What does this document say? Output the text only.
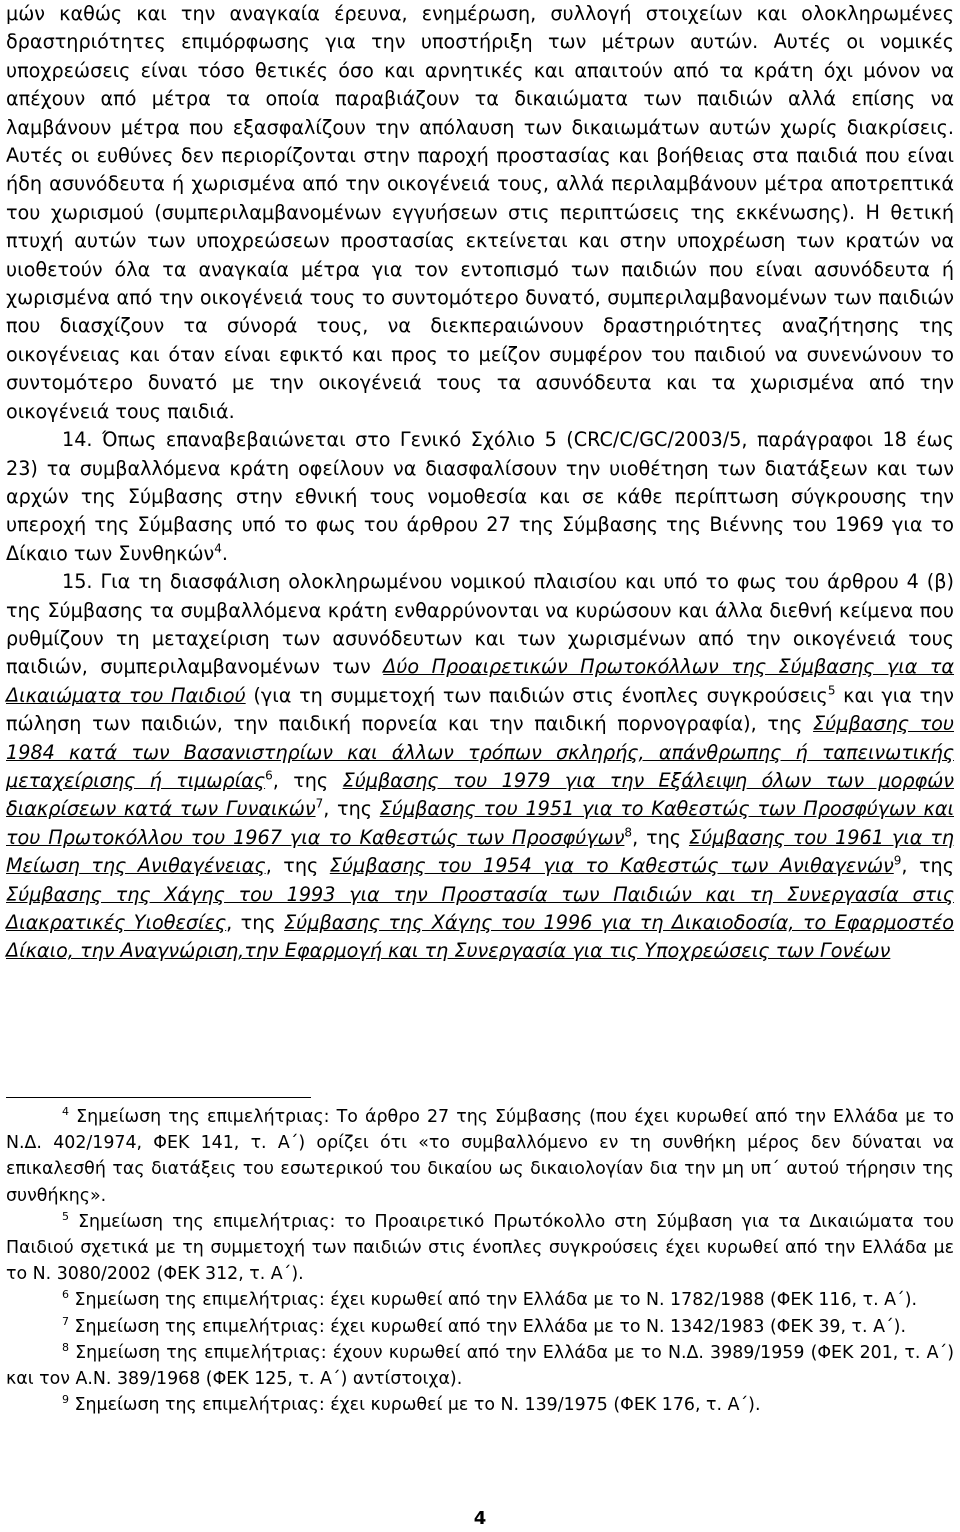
μών καθώς και την αναγκαία έρευνα, ενημέρωση, συλλογή στοιχείων και ολοκληρωμένες δραστηριότητες επιμόρφωσης για την υποστήριξη των μέτρων αυτών. Αυτές οι νομικές υποχρεώσεις είναι τόσο θετικές όσο και αρνητικές και απαιτούν από τα κράτη όχι μόνον να απέχουν από μέτρα τα οποία παραβιάζουν τα δικαιώματα των παιδιών αλλά επίσης να λαμβάνουν μέτρα που εξασφαλίζουν την απόλαυση των δικαιωμάτων αυτών χωρίς διακρίσεις. Αυτές οι ευθύνες δεν περιορίζονται στην παροχή προστασίας και βοήθειας στα παιδιά που είναι ήδη ασυνόδευτα ή χωρισμένα από την οικογένειά τους, αλλά περιλαμβάνουν μέτρα αποτρεπτικά του χωρισμού (συμπεριλαμβανομένων εγγυήσεων στις περιπτώσεις της εκκένωσης). Η θετική πτυχή αυτών των υποχρεώσεων προστασίας εκτείνεται και στην υποχρέωση των κρατών να υιοθετούν όλα τα αναγκαία μέτρα για τον εντοπισμό των παιδιών που είναι ασυνόδευτα ή χωρισμένα από την οικογένειά τους το συντομότερο δυνατό, συμπεριλαμβανομένων των παιδιών που διασχίζουν τα σύνορά τους, να διεκπεραιώνουν δραστηριότητες αναζήτησης της οικογένειας και όταν είναι εφικτό και προς το μείζον συμφέρον του παιδιού να συνενώνουν το συντομότερο δυνατό με την οικογένειά τους τα ασυνόδευτα και τα χωρισμένα από την οικογένειά τους παιδιά.

14. Όπως επαναβεβαιώνεται στο Γενικό Σχόλιο 5 (CRC/C/GC/2003/5, παράγραφοι 18 έως 23) τα συμβαλλόμενα κράτη οφείλουν να διασφαλίσουν την υιοθέτηση των διατάξεων και των αρχών της Σύμβασης στην εθνική τους νομοθεσία και σε κάθε περίπτωση σύγκρουσης την υπεροχή της Σύμβασης υπό το φως του άρθρου 27 της Σύμβασης της Βιέννης του 1969 για το Δίκαιο των Συνθηκών$^4$.

15. Για τη διασφάλιση ολοκληρωμένου νομικού πλαισίου και υπό το φως του άρθρου 4 (β) της Σύμβασης τα συμβαλλόμενα κράτη ενθαρρύνονται να κυρώσουν και άλλα διεθνή κείμενα που ρυθμίζουν τη μεταχείριση των ασυνόδευτων και των χωρισμένων από την οικογένειά τους παιδιών, συμπεριλαμβανομένων των Δύο Προαιρετικών Πρωτοκόλλων της Σύμβασης για τα Δικαιώματα του Παιδιού (για τη συμμετοχή των παιδιών στις ένοπλες συγκρούσεις$^5$ και για την πώληση των παιδιών, την παιδική πορνεία και την παιδική πορνογραφία), της Σύμβασης του 1984 κατά των Βασανιστηρίων και άλλων τρόπων σκληρής, απάνθρωπης ή ταπεινωτικής μεταχείρισης ή τιμωρίας$^6$, της Σύμβασης του 1979 για την Εξάλειψη όλων των μορφών διακρίσεων κατά των Γυναικών$^7$, της Σύμβασης του 1951 για το Καθεστώς των Προσφύγων και του Πρωτοκόλλου του 1967 για το Καθεστώς των Προσφύγων$^8$, της Σύμβασης του 1961 για τη Μείωση της Ανιθαγένειας, της Σύμβασης του 1954 για το Καθεστώς των Ανιθαγενών$^9$, της Σύμβασης της Χάγης του 1993 για την Προστασία των Παιδιών και τη Συνεργασία στις Διακρατικές Υιοθεσίες, της Σύμβασης της Χάγης του 1996 για τη Δικαιοδοσία, το Εφαρμοστέο Δίκαιο, την Αναγνώριση,την Εφαρμογή και τη Συνεργασία για τις Υποχρεώσεις των Γονέων

$^4$ Σημείωση της επιμελήτριας: Το άρθρο 27 της Σύμβασης (που έχει κυρωθεί από την Ελλάδα με το Ν.Δ. 402/1974, ΦΕΚ 141, τ. Α΄) ορίζει ότι «το συμβαλλόμενο εν τη συνθήκη μέρος δεν δύναται να επικαλεσθή τας διατάξεις του εσωτερικού του δικαίου ως δικαιολογίαν δια την μη υπ΄ αυτού τήρησιν της συνθήκης».

$^5$ Σημείωση της επιμελήτριας: το Προαιρετικό Πρωτόκολλο στη Σύμβαση για τα Δικαιώματα του Παιδιού σχετικά με τη συμμετοχή των παιδιών στις ένοπλες συγκρούσεις έχει κυρωθεί από την Ελλάδα με το Ν. 3080/2002 (ΦΕΚ 312, τ. Α΄).

$^6$ Σημείωση της επιμελήτριας: έχει κυρωθεί από την Ελλάδα με το Ν. 1782/1988 (ΦΕΚ 116, τ. Α΄).

$^7$ Σημείωση της επιμελήτριας: έχει κυρωθεί από την Ελλάδα με το Ν. 1342/1983 (ΦΕΚ 39, τ. Α΄).

$^8$ Σημείωση της επιμελήτριας: έχουν κυρωθεί από την Ελλάδα με το Ν.Δ. 3989/1959 (ΦΕΚ 201, τ. Α΄) και τον Α.Ν. 389/1968 (ΦΕΚ 125, τ. Α΄) αντίστοιχα).

$^9$ Σημείωση της επιμελήτριας: έχει κυρωθεί με το Ν. 139/1975 (ΦΕΚ 176, τ. Α΄).

4
